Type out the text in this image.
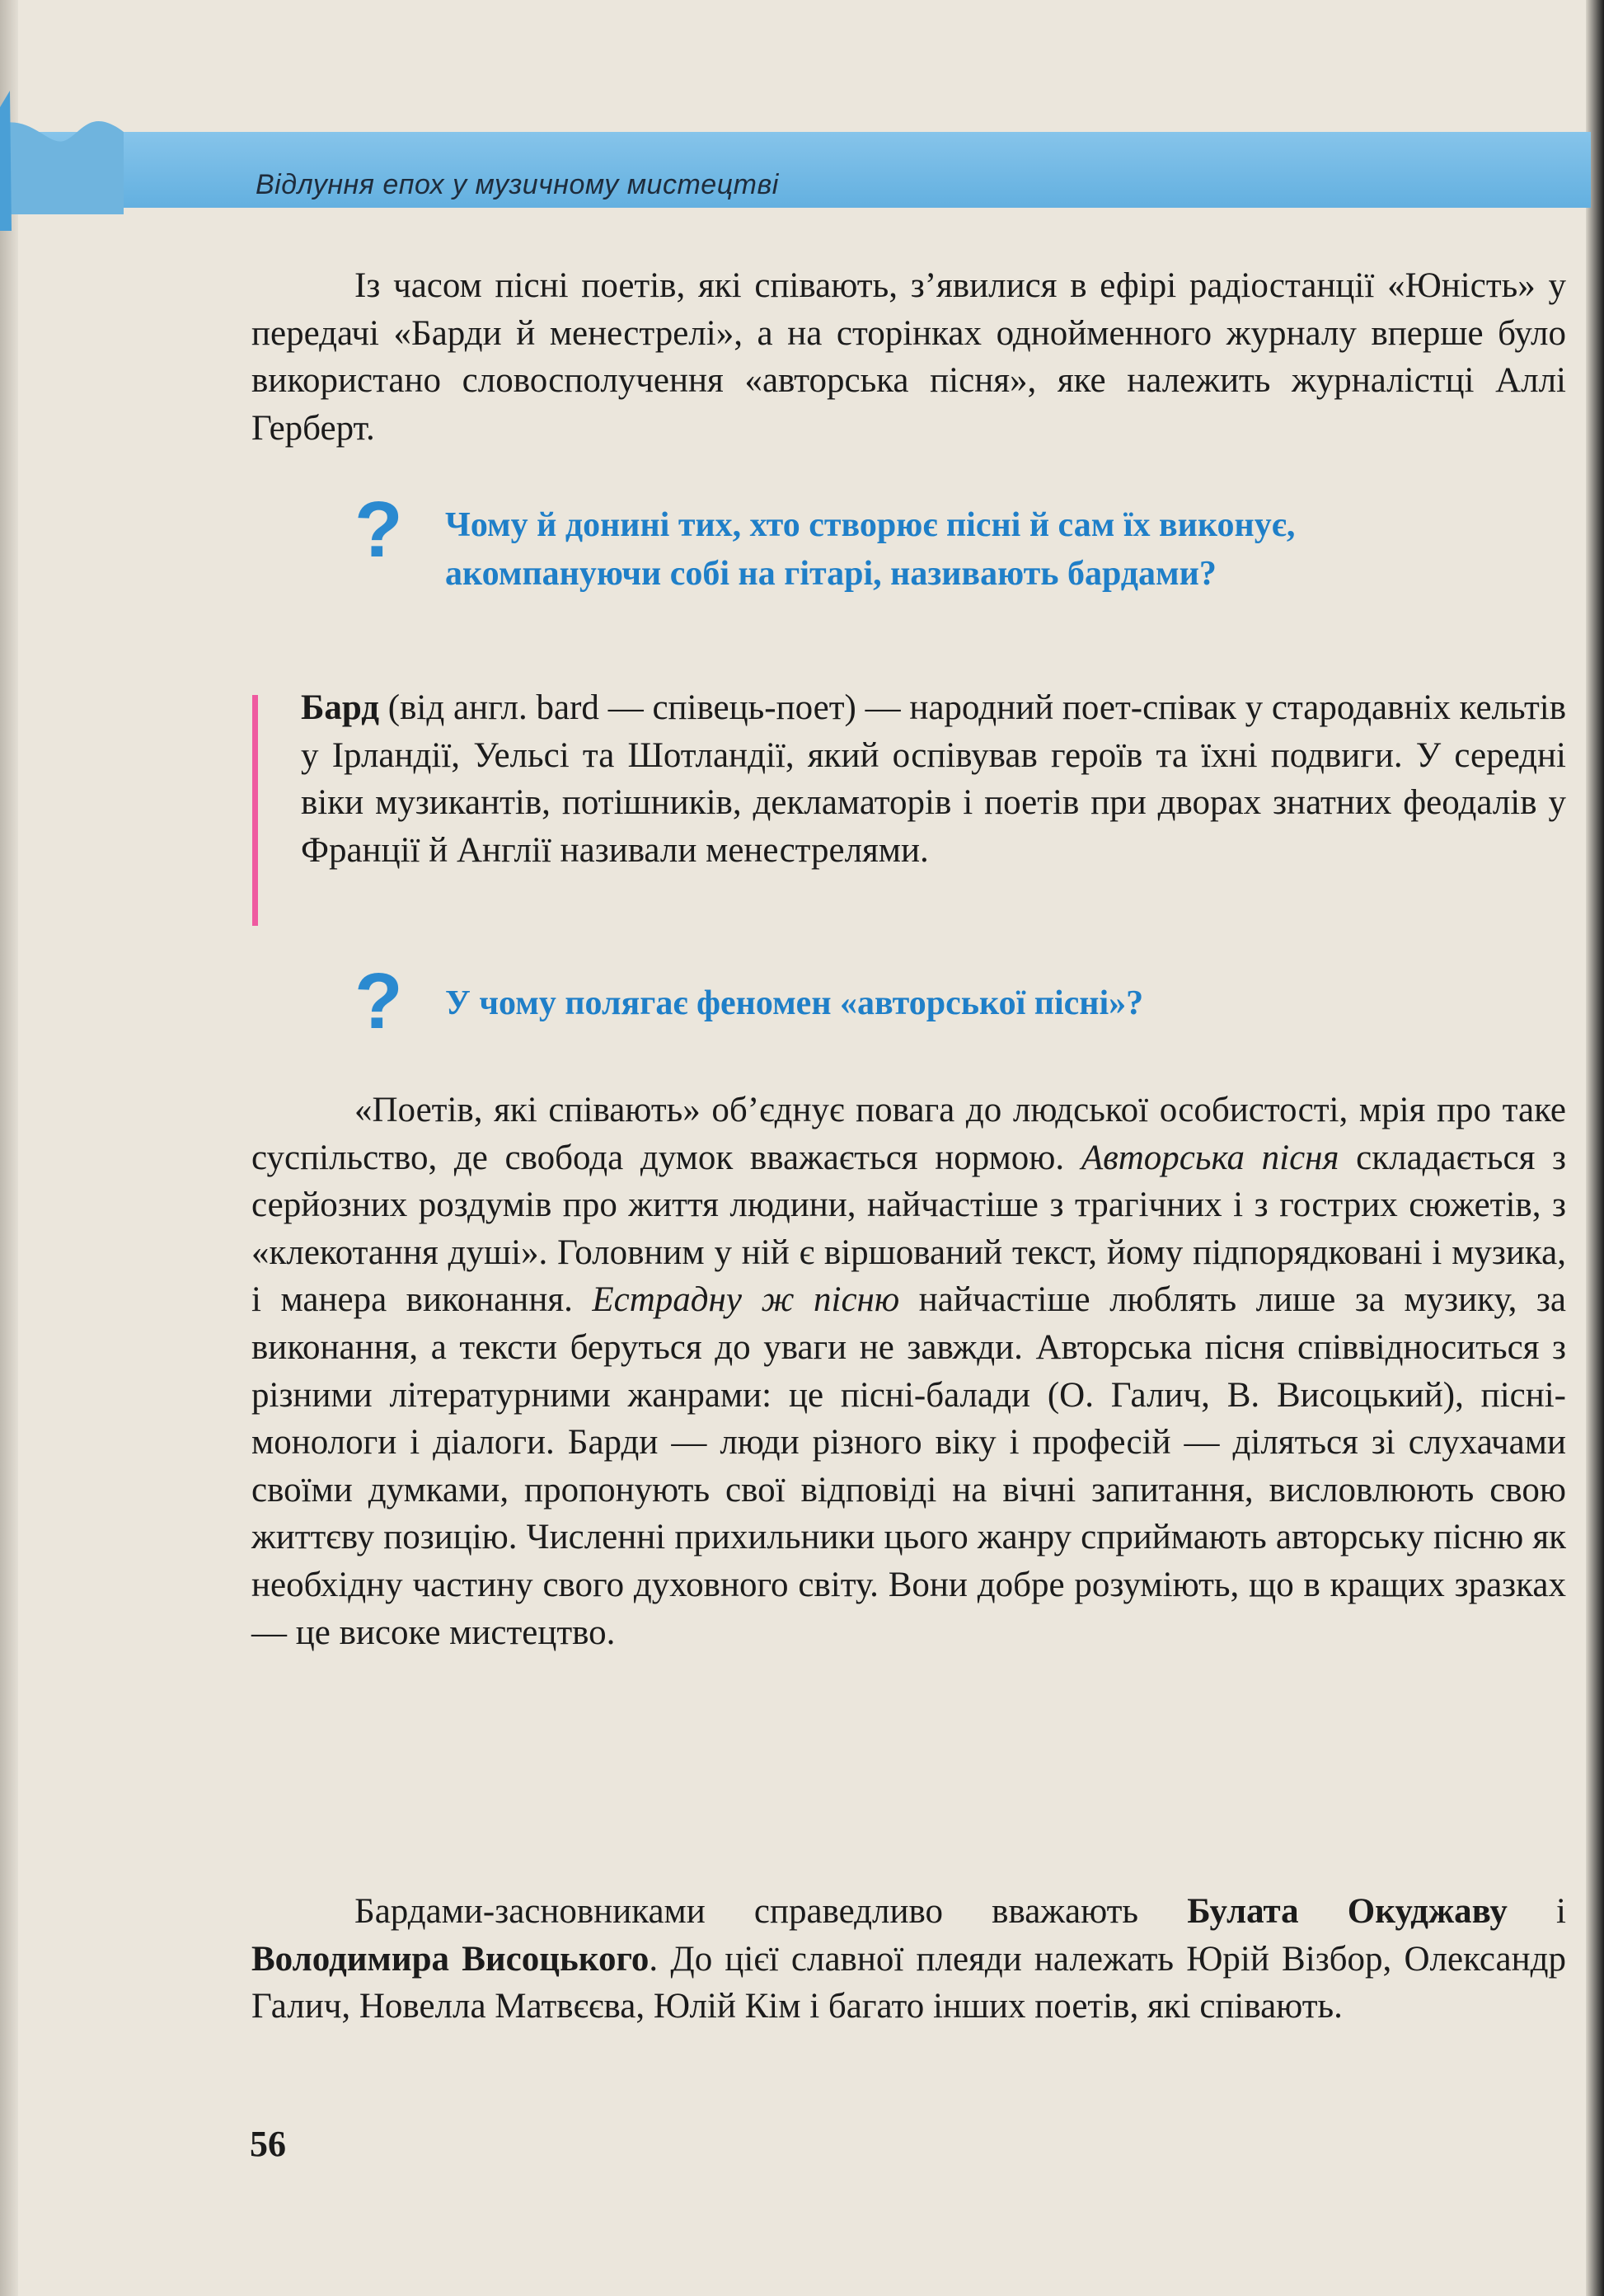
Відлуння епох у музичному мистецтві

Із часом пісні поетів, які співають, з’явилися в ефірі радіостанції «Юність» у передачі «Барди й менестрелі», а на сторінках однойменного журналу вперше було використано словосполучення «авторська пісня», яке належить журналістці Аллі Герберт.

? Чому й донині тих, хто створює пісні й сам їх виконує,
акомпануючи собі на гітарі, називають бардами?

Бард (від англ. bard — співець-поет) — народний поет-співак у стародавніх кельтів у Ірландії, Уельсі та Шотландії, який оспівував героїв та їхні подвиги. У середні віки музикантів, потішників, декламаторів і поетів при дворах знатних феодалів у Франції й Англії називали менестрелями.

? У чому полягає феномен «авторської пісні»?

«Поетів, які співають» об’єднує повага до людської особистості, мрія про таке суспільство, де свобода думок вважається нормою. Авторська пісня складається з серйозних роздумів про життя людини, найчастіше з трагічних і з гострих сюжетів, з «клекотання душі». Головним у ній є віршований текст, йому підпорядковані і музика, і манера виконання. Естрадну ж пісню найчастіше люблять лише за музику, за виконання, а тексти беруться до уваги не завжди. Авторська пісня співвідноситься з різними літературними жанрами: це пісні-балади (О. Галич, В. Висоцький), пісні-монологи і діалоги. Барди — люди різного віку і професій — діляться зі слухачами своїми думками, пропонують свої відповіді на вічні запитання, висловлюють свою життєву позицію. Численні прихильники цього жанру сприймають авторську пісню як необхідну частину свого духовного світу. Вони добре розуміють, що в кращих зразках — це високе мистецтво.

Бардами-засновниками справедливо вважають Булата Окуджаву і Володимира Висоцького. До цієї славної плеяди належать Юрій Візбор, Олександр Галич, Новелла Матвєєва, Юлій Кім і багато інших поетів, які співають.

56
